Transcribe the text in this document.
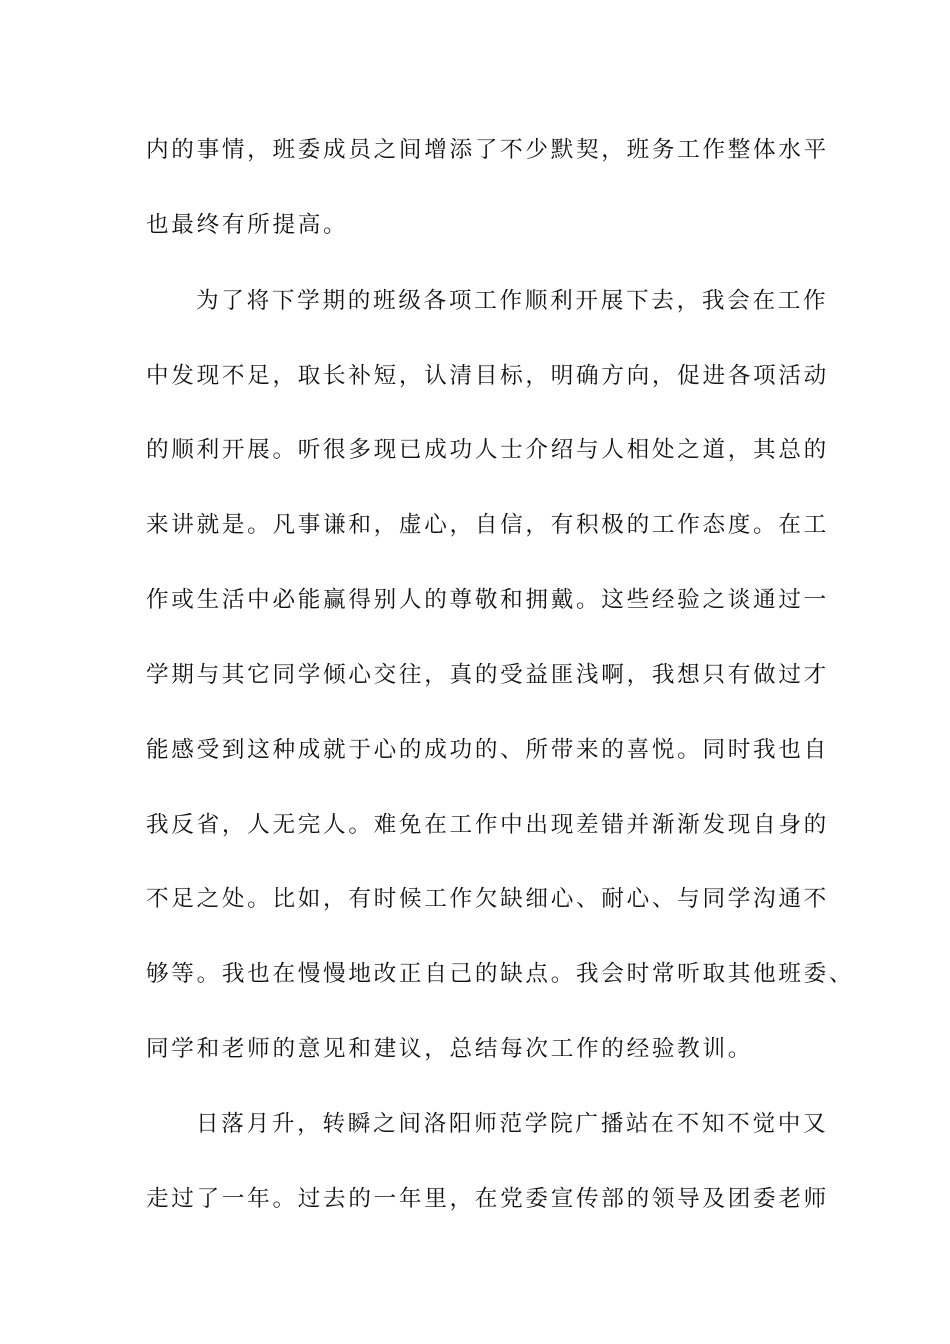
内的事情，班委成员之间增添了不少默契，班务工作整体水平
也最终有所提高。
为了将下学期的班级各项工作顺利开展下去，我会在工作
中发现不足，取长补短，认清目标，明确方向，促进各项活动
的顺利开展。听很多现已成功人士介绍与人相处之道，其总的
来讲就是。凡事谦和，虚心，自信，有积极的工作态度。在工
作或生活中必能赢得别人的尊敬和拥戴。这些经验之谈通过一
学期与其它同学倾心交往，真的受益匪浅啊，我想只有做过才
能感受到这种成就于心的成功的、所带来的喜悦。同时我也自
我反省，人无完人。难免在工作中出现差错并渐渐发现自身的
不足之处。比如，有时候工作欠缺细心、耐心、与同学沟通不
够等。我也在慢慢地改正自己的缺点。我会时常听取其他班委、
同学和老师的意见和建议，总结每次工作的经验教训。
日落月升，转瞬之间洛阳师范学院广播站在不知不觉中又
走过了一年。过去的一年里，在党委宣传部的领导及团委老师
